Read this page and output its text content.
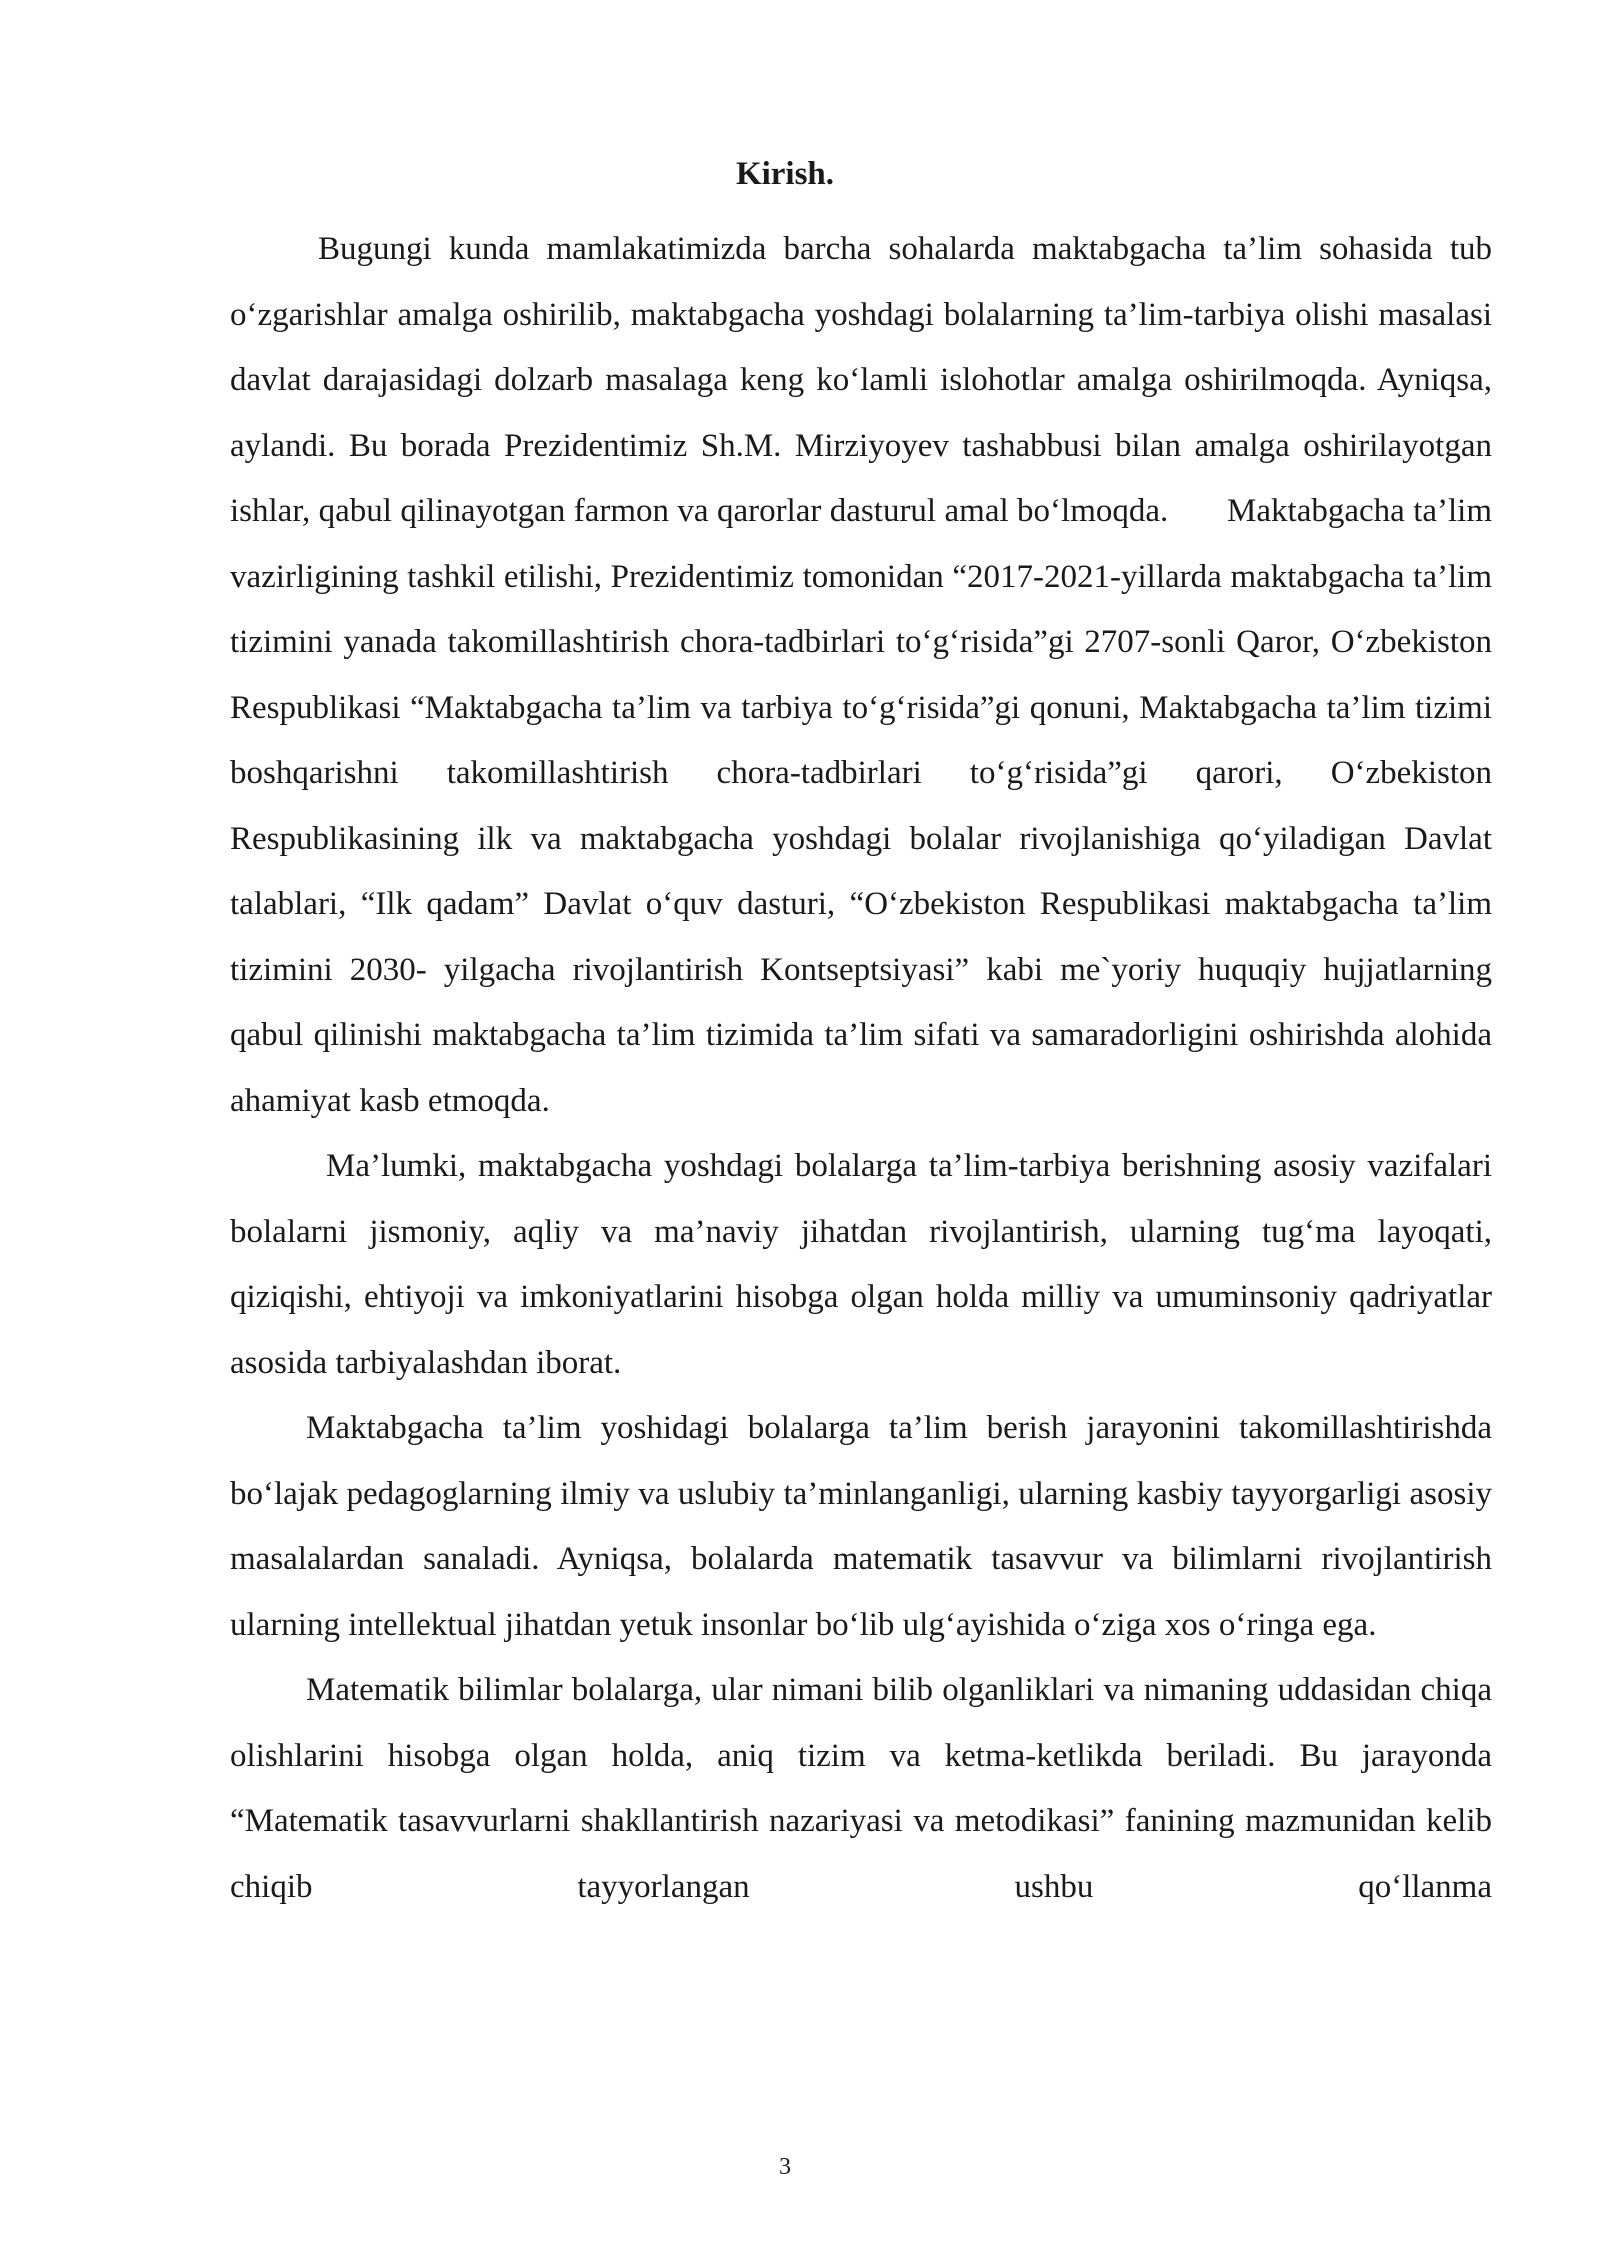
Kirish.

Bugungi kunda mamlakatimizda barcha sohalarda maktabgacha ta’lim sohasida tub o‘zgarishlar amalga oshirilib, maktabgacha yoshdagi bolalarning ta’lim-tarbiya olishi masalasi davlat darajasidagi dolzarb masalaga keng ko‘lamli islohotlar amalga oshirilmoqda. Ayniqsa, aylandi. Bu borada Prezidentimiz Sh.M. Mirziyoyev tashabbusi bilan amalga oshirilayotgan ishlar, qabul qilinayotgan farmon va qarorlar dasturul amal bo‘lmoqda.       Maktabgacha ta’lim vazirligining tashkil etilishi, Prezidentimiz tomonidan “2017-2021-yillarda maktabgacha ta’lim tizimini yanada takomillashtirish chora-tadbirlari to‘g‘risida”gi 2707-sonli Qaror, O‘zbekiston Respublikasi “Maktabgacha ta’lim va tarbiya to‘g‘risida”gi qonuni, Maktabgacha ta’lim tizimi boshqarishni takomillashtirish chora-tadbirlari to‘g‘risida”gi qarori, O‘zbekiston Respublikasining ilk va maktabgacha yoshdagi bolalar rivojlanishiga qo‘yiladigan Davlat talablari, “Ilk qadam” Davlat o‘quv dasturi, “O‘zbekiston Respublikasi maktabgacha ta’lim tizimini 2030- yilgacha rivojlantirish Kontseptsiyasi” kabi me`yoriy huquqiy hujjatlarning qabul qilinishi maktabgacha ta’lim tizimida ta’lim sifati va samaradorligini oshirishda alohida ahamiyat kasb etmoqda.

Ma’lumki, maktabgacha yoshdagi bolalarga ta’lim-tarbiya berishning asosiy vazifalari bolalarni jismoniy, aqliy va ma’naviy jihatdan rivojlantirish, ularning tug‘ma layoqati, qiziqishi, ehtiyoji va imkoniyatlarini hisobga olgan holda milliy va umuminsoniy qadriyatlar asosida tarbiyalashdan iborat.

Maktabgacha ta’lim yoshidagi bolalarga ta’lim berish jarayonini takomillashtirishda bo‘lajak pedagoglarning ilmiy va uslubiy ta’minlanganligi, ularning kasbiy tayyorgarligi asosiy masalalardan sanaladi. Ayniqsa, bolalarda matematik tasavvur va bilimlarni rivojlantirish ularning intellektual jihatdan yetuk insonlar bo‘lib ulg‘ayishida o‘ziga xos o‘ringa ega.

Matematik bilimlar bolalarga, ular nimani bilib olganliklari va nimaning uddasidan chiqa olishlarini hisobga olgan holda, aniq tizim va ketma-ketlikda beriladi. Bu jarayonda “Matematik tasavvurlarni shakllantirish nazariyasi va metodikasi” fanining mazmunidan kelib chiqib tayyorlangan ushbu qo‘llanma

3
